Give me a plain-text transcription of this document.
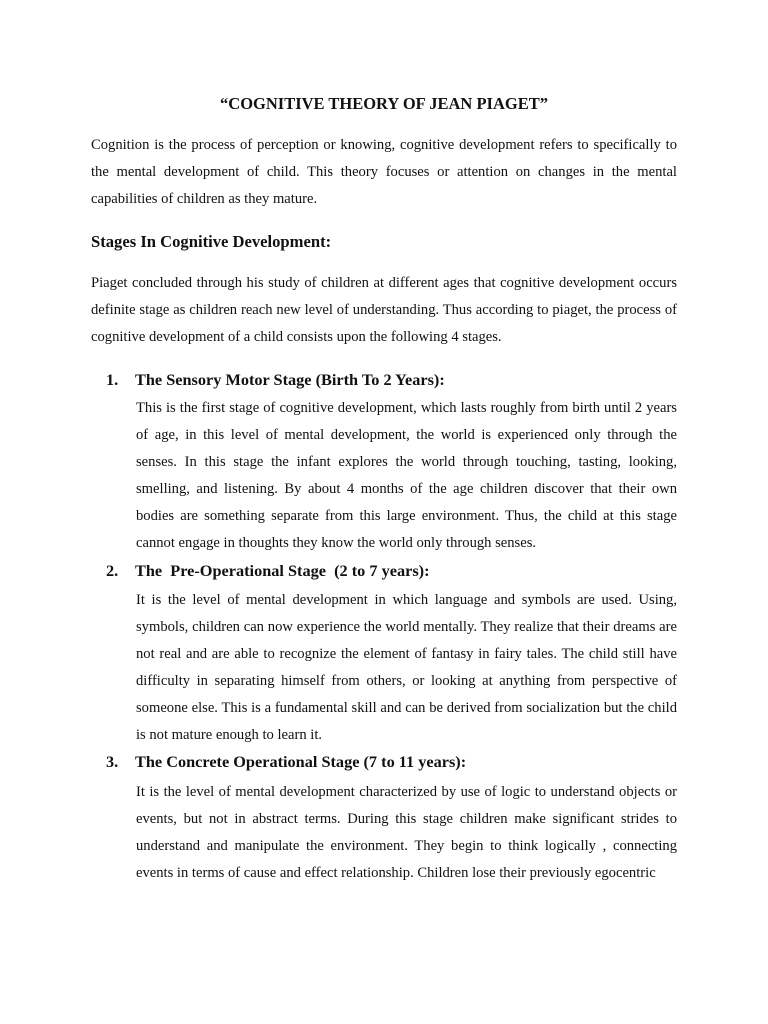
“COGNITIVE THEORY OF JEAN PIAGET”
Cognition is the process of perception or knowing, cognitive development refers to specifically to the mental development of child. This theory focuses or attention on changes in the mental capabilities of children as they mature.
Stages In Cognitive Development:
Piaget concluded through his study of children at different ages that cognitive development occurs definite stage as children reach new level of understanding. Thus according to piaget, the process of cognitive development of a child consists upon the following 4 stages.
1. The Sensory Motor Stage (Birth To 2 Years):
This is the first stage of cognitive development, which lasts roughly from birth until 2 years of age, in this level of mental development, the world is experienced only through the senses. In this stage the infant explores the world through touching, tasting, looking, smelling, and listening. By about 4 months of the age children discover that their own bodies are something separate from this large environment. Thus, the child at this stage cannot engage in thoughts they know the world only through senses.
2. The  Pre-Operational Stage  (2 to 7 years):
It is the level of mental development in which language and symbols are used. Using, symbols, children can now experience the world mentally. They realize that their dreams are not real and are able to recognize the element of fantasy in fairy tales. The child still have difficulty in separating himself from others, or looking at anything from perspective of someone else. This is a fundamental skill and can be derived from socialization but the child is not mature enough to learn it.
3. The Concrete Operational Stage (7 to 11 years):
It is the level of mental development characterized by use of logic to understand objects or events, but not in abstract terms. During this stage children make significant strides to understand and manipulate the environment. They begin to think logically , connecting events in terms of cause and effect relationship. Children lose their previously egocentric
